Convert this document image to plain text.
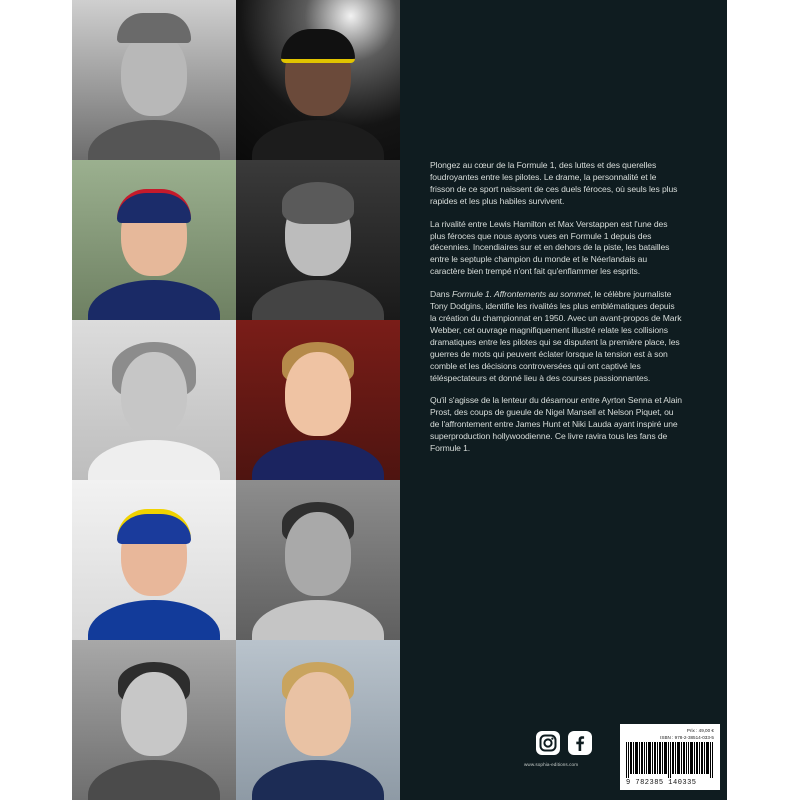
Plongez au cœur de la Formule 1, des luttes et des querelles foudroyantes entre les pilotes. Le drame, la personnalité et le frisson de ce sport naissent de ces duels féroces, où seuls les plus rapides et les plus habiles survivent.

La rivalité entre Lewis Hamilton et Max Verstappen est l'une des plus féroces que nous ayons vues en Formule 1 depuis des décennies. Incendiaires sur et en dehors de la piste, les batailles entre le septuple champion du monde et le Néerlandais au caractère bien trempé n'ont fait qu'enflammer les esprits.

Dans Formule 1. Affrontements au sommet, le célèbre journaliste Tony Dodgins, identifie les rivalités les plus emblématiques depuis la création du championnat en 1950. Avec un avant-propos de Mark Webber, cet ouvrage magnifiquement illustré relate les collisions dramatiques entre les pilotes qui se disputent la première place, les guerres de mots qui peuvent éclater lorsque la tension est à son comble et les décisions controversées qui ont captivé les téléspectateurs et donné lieu à des courses passionnantes.

Qu'il s'agisse de la lenteur du désamour entre Ayrton Senna et Alain Prost, des coups de gueule de Nigel Mansell et Nelson Piquet, ou de l'affrontement entre James Hunt et Niki Lauda ayant inspiré une superproduction hollywoodienne. Ce livre ravira tous les fans de Formule 1.

www.sophia-editions.com
Prix : 49,00 €
ISBN : 978-2-38514-033-5
9 782385 140335
